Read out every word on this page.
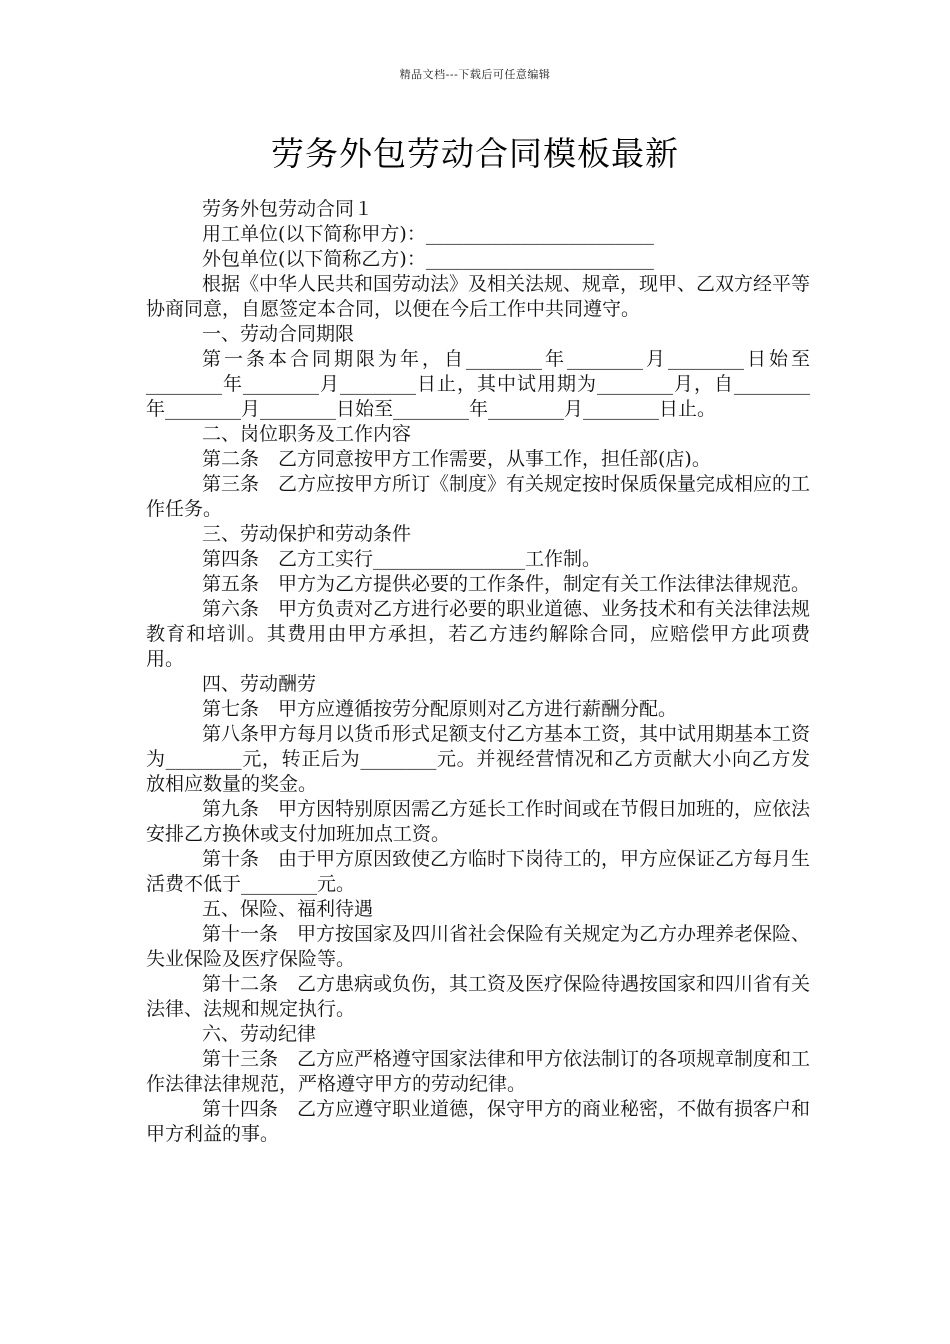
精品文档---下载后可任意编辑
劳务外包劳动合同模板最新

劳务外包劳动合同１

用工单位(以下简称甲方)：________________________

外包单位(以下简称乙方)：________________________

根据《中华人民共和国劳动法》及相关法规、规章，现甲、乙双方经平等协商同意，自愿签定本合同，以便在今后工作中共同遵守。

一、劳动合同期限

第一条本合同期限为年，自________年________月________日始至________年________月________日止，其中试用期为________月，自________年________月________日始至________年________月________日止。

二、岗位职务及工作内容

第二条　乙方同意按甲方工作需要，从事工作，担任部(店)。

第三条　乙方应按甲方所订《制度》有关规定按时保质保量完成相应的工作任务。

三、劳动保护和劳动条件

第四条　乙方工实行________________工作制。

第五条　甲方为乙方提供必要的工作条件，制定有关工作法律法律规范。

第六条　甲方负责对乙方进行必要的职业道德、业务技术和有关法律法规教育和培训。其费用由甲方承担，若乙方违约解除合同，应赔偿甲方此项费用。

四、劳动酬劳

第七条　甲方应遵循按劳分配原则对乙方进行薪酬分配。

第八条甲方每月以货币形式足额支付乙方基本工资，其中试用期基本工资为________元，转正后为________元。并视经营情况和乙方贡献大小向乙方发放相应数量的奖金。

第九条　甲方因特别原因需乙方延长工作时间或在节假日加班的，应依法安排乙方换休或支付加班加点工资。

第十条　由于甲方原因致使乙方临时下岗待工的，甲方应保证乙方每月生活费不低于________元。

五、保险、福利待遇

第十一条　甲方按国家及四川省社会保险有关规定为乙方办理养老保险、失业保险及医疗保险等。

第十二条　乙方患病或负伤，其工资及医疗保险待遇按国家和四川省有关法律、法规和规定执行。

六、劳动纪律

第十三条　乙方应严格遵守国家法律和甲方依法制订的各项规章制度和工作法律法律规范，严格遵守甲方的劳动纪律。

第十四条　乙方应遵守职业道德，保守甲方的商业秘密，不做有损客户和甲方利益的事。
